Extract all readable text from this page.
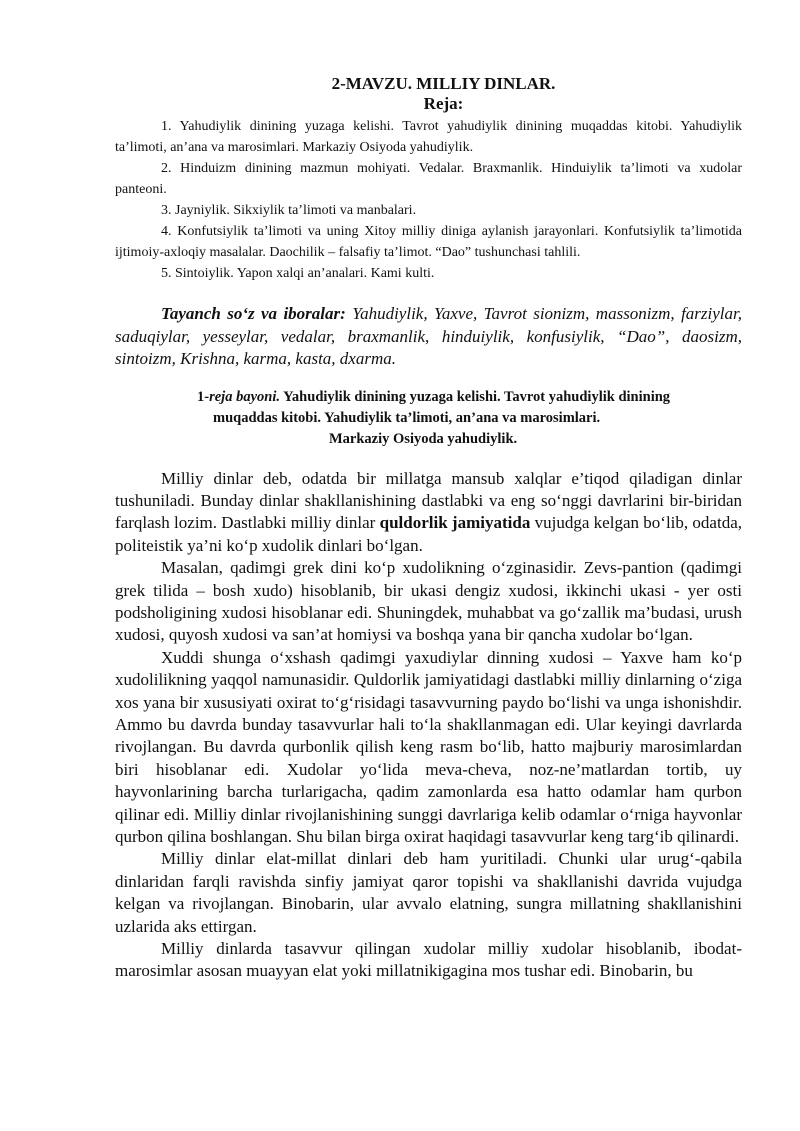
2-MAVZU. MILLIY DINLAR.
Reja:

1. Yahudiylik dinining yuzaga kelishi. Tavrot yahudiylik dinining muqaddas kitobi. Yahudiylik ta’limoti, an’ana va marosimlari. Markaziy Osiyoda yahudiylik.

2. Hinduizm dinining mazmun mohiyati. Vedalar. Braxmanlik. Hinduiylik ta’limoti va xudolar panteoni.

3. Jayniylik. Sikxiylik ta’limoti va manbalari.

4. Konfutsiylik ta’limoti va uning Xitoy milliy diniga aylanish jarayonlari. Konfutsiylik ta’limotida ijtimoiy-axloqiy masalalar. Daochilik – falsafiy ta’limot. “Dao” tushunchasi tahlili.

5. Sintoiylik. Yapon xalqi an’analari. Kami kulti.

Tayanch so‘z va iboralar: Yahudiylik, Yaxve, Tavrot sionizm, massonizm, farziylar, saduqiylar, yesseylar, vedalar, braxmanlik, hinduiylik, konfusiylik, “Dao”, daosizm, sintoizm, Krishna, karma, kasta, dxarma.

1-reja bayoni. Yahudiylik dinining yuzaga kelishi. Tavrot yahudiylik dinining
muqaddas kitobi. Yahudiylik ta’limoti, an’ana va marosimlari.
Markaziy Osiyoda yahudiylik.

Milliy dinlar deb, odatda bir millatga mansub xalqlar e’tiqod qiladigan dinlar tushuniladi. Bunday dinlar shakllanishining dastlabki va eng so‘nggi davrlarini bir-biridan farqlash lozim. Dastlabki milliy dinlar quldorlik jamiyatida vujudga kelgan bo‘lib, odatda, politeistik ya’ni ko‘p xudolik dinlari bo‘lgan.

Masalan, qadimgi grek dini ko‘p xudolikning o‘zginasidir. Zevs-pantion (qadimgi grek tilida – bosh xudo) hisoblanib, bir ukasi dengiz xudosi, ikkinchi ukasi - yer osti podsholigining xudosi hisoblanar edi. Shuningdek, muhabbat va go‘zallik ma’budasi, urush xudosi, quyosh xudosi va san’at homiysi va boshqa yana bir qancha xudolar bo‘lgan.

Xuddi shunga o‘xshash qadimgi yaxudiylar dinning xudosi – Yaxve ham ko‘p xudolilikning yaqqol namunasidir. Quldorlik jamiyatidagi dastlabki milliy dinlarning o‘ziga xos yana bir xususiyati oxirat to‘g‘risidagi tasavvurning paydo bo‘lishi va unga ishonishdir. Ammo bu davrda bunday tasavvurlar hali to‘la shakllanmagan edi. Ular keyingi davrlarda rivojlangan. Bu davrda qurbonlik qilish keng rasm bo‘lib, hatto majburiy marosimlardan biri hisoblanar edi. Xudolar yo‘lida meva-cheva, noz-ne’matlardan tortib, uy hayvonlarining barcha turlarigacha, qadim zamonlarda esa hatto odamlar ham qurbon qilinar edi. Milliy dinlar rivojlanishining sunggi davrlariga kelib odamlar o‘rniga hayvonlar qurbon qilina boshlangan. Shu bilan birga oxirat haqidagi tasavvurlar keng targ‘ib qilinardi.

Milliy dinlar elat-millat dinlari deb ham yuritiladi. Chunki ular urug‘-qabila dinlaridan farqli ravishda sinfiy jamiyat qaror topishi va shakllanishi davrida vujudga kelgan va rivojlangan. Binobarin, ular avvalo elatning, sungra millatning shakllanishini uzlarida aks ettirgan.

Milliy dinlarda tasavvur qilingan xudolar milliy xudolar hisoblanib, ibodat-marosimlar asosan muayyan elat yoki millatnikigagina mos tushar edi. Binobarin, bu
